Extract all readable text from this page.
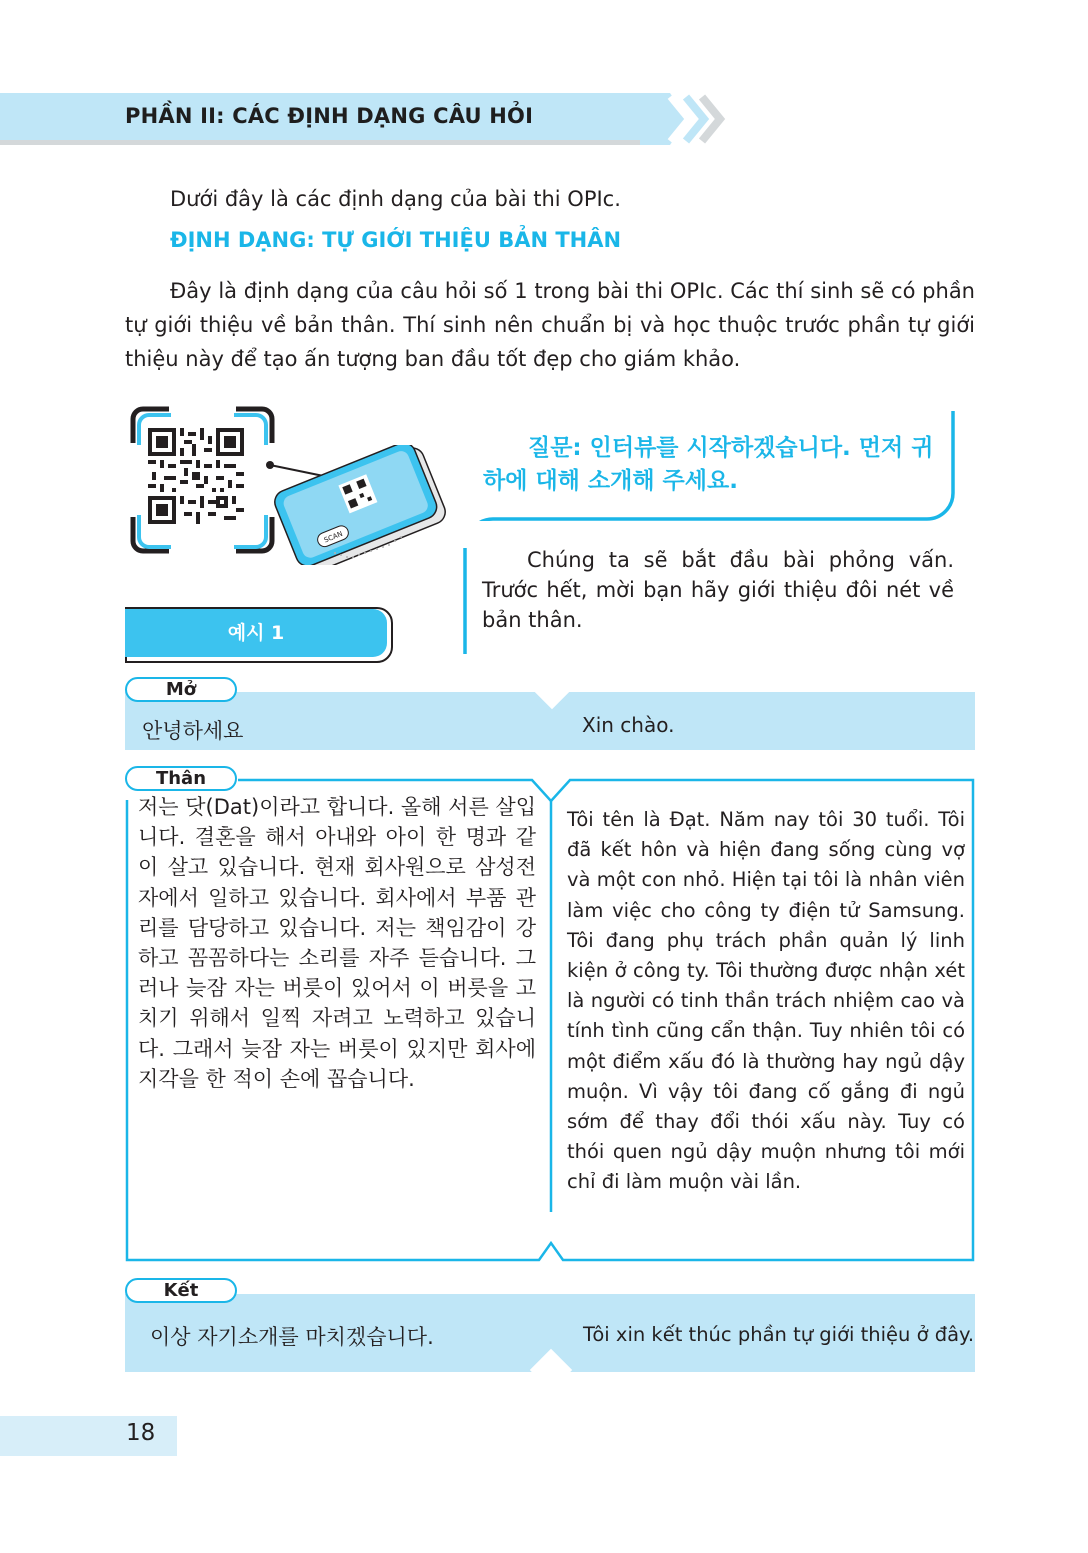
PHẦN II: CÁC ĐỊNH DẠNG CÂU HỎI
Dưới đây là các định dạng của bài thi OPIc.
ĐỊNH DẠNG: TỰ GIỚI THIỆU BẢN THÂN
Đây là định dạng của câu hỏi số 1 trong bài thi OPIc. Các thí sinh sẽ có phần tự giới thiệu về bản thân. Thí sinh nên chuẩn bị và học thuộc trước phần tự giới thiệu này để tạo ấn tượng ban đầu tốt đẹp cho giám khảo.
SCAN
질문: 인터뷰를 시작하겠습니다. 먼저 귀하에 대해 소개해 주세요.
Chúng ta sẽ bắt đầu bài phỏng vấn. Trước hết, mời bạn hãy giới thiệu đôi nét về bản thân.
예시 1
안녕하세요	Xin chào.
Mở
Thân
저는 닷(Dat)이라고 합니다. 올해 서른 살입니다. 결혼을 해서 아내와 아이 한 명과 같이 살고 있습니다. 현재 회사원으로 삼성전자에서 일하고 있습니다. 회사에서 부품 관리를 담당하고 있습니다. 저는 책임감이 강하고 꼼꼼하다는 소리를 자주 듣습니다. 그러나 늦잠 자는 버릇이 있어서 이 버릇을 고치기 위해서 일찍 자려고 노력하고 있습니다. 그래서 늦잠 자는 버릇이 있지만 회사에 지각을 한 적이 손에 꼽습니다.
Tôi tên là Đạt. Năm nay tôi 30 tuổi. Tôi đã kết hôn và hiện đang sống cùng vợ và một con nhỏ. Hiện tại tôi là nhân viên làm việc cho công ty điện tử Samsung. Tôi đang phụ trách phần quản lý linh kiện ở công ty. Tôi thường được nhận xét là người có tinh thần trách nhiệm cao và tính tình cũng cẩn thận. Tuy nhiên tôi có một điểm xấu đó là thường hay ngủ dậy muộn. Vì vậy tôi đang cố gắng đi ngủ sớm để thay đổi thói xấu này. Tuy có thói quen ngủ dậy muộn nhưng tôi mới chỉ đi làm muộn vài lần.
Kết
이상 자기소개를 마치겠습니다.	Tôi xin kết thúc phần tự giới thiệu ở đây.
18
